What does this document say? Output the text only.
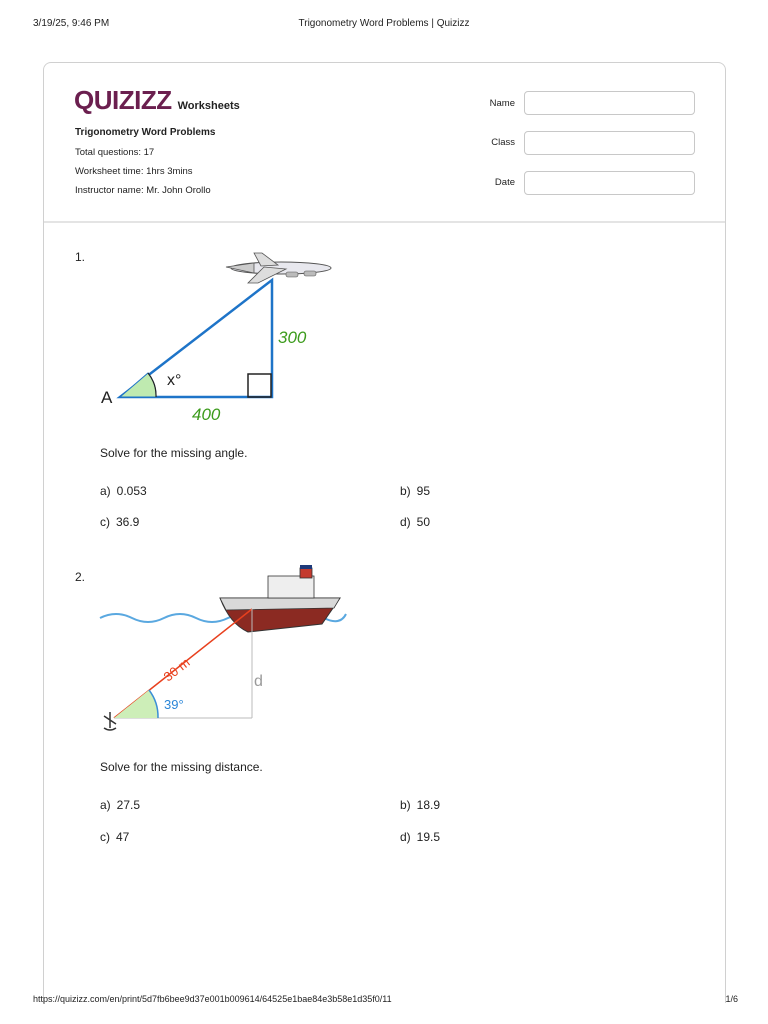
3/19/25, 9:46 PM	Trigonometry Word Problems | Quizizz
QUIZIZZ Worksheets
Trigonometry Word Problems
Total questions: 17
Worksheet time: 1hrs 3mins
Instructor name: Mr. John Orollo
Name
Class
Date
1.
A
x°
300
400
Solve for the missing angle.
a) 0.053	b) 95
c) 36.9	d) 50
2.
30 m
39°
d
Solve for the missing distance.
a) 27.5	b) 18.9
c) 47	d) 19.5
https://quizizz.com/en/print/5d7fb6bee9d37e001b009614/64525e1bae84e3b58e1d35f0/11	1/6
